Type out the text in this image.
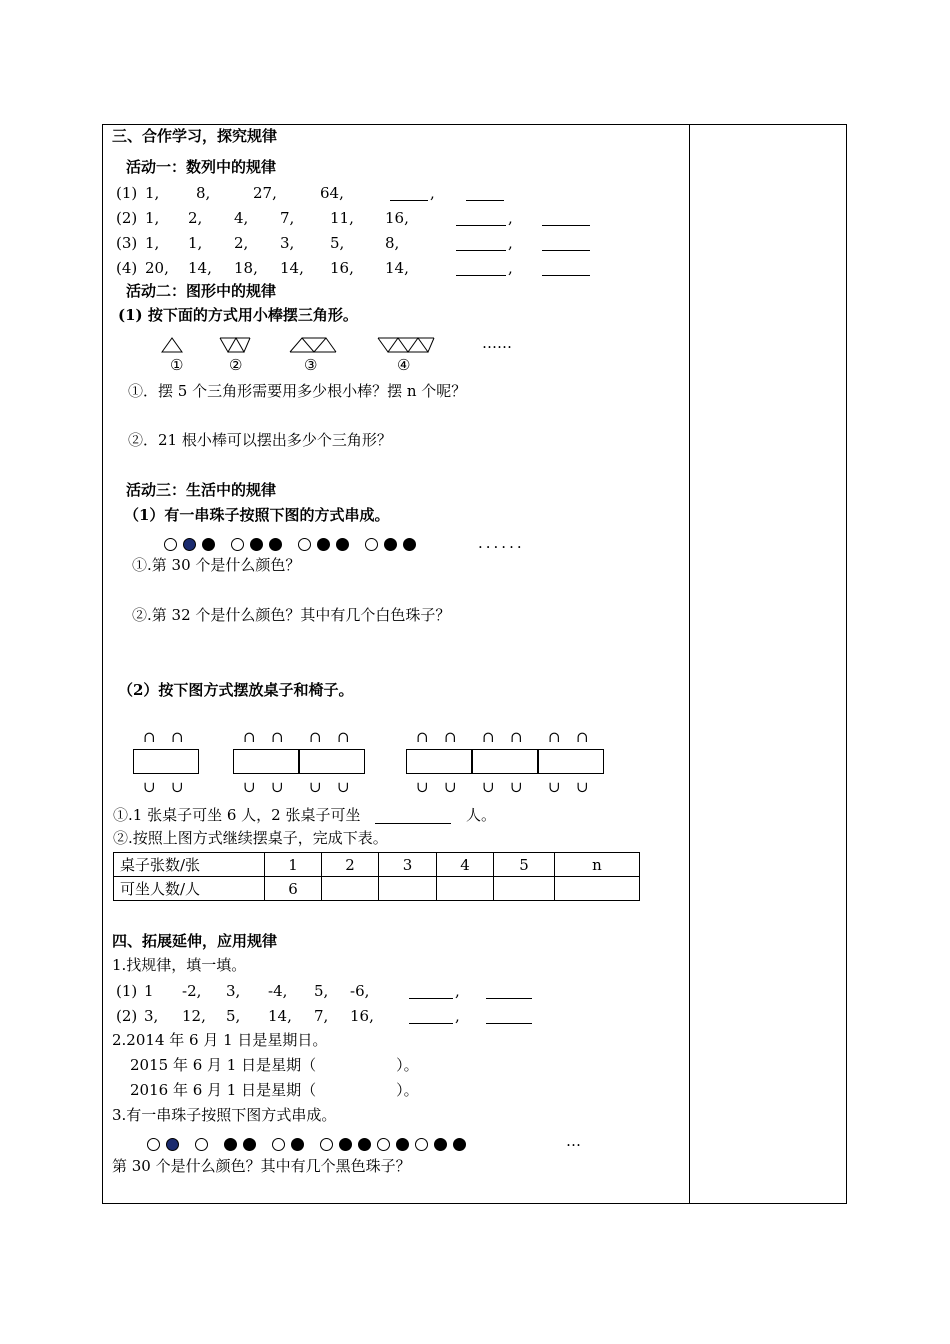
三、合作学习，探究规律
活动一：数列中的规律
(1) 1, 8,	27,	64,	,
(2) 1, 2, 4, 7, 11, 16,	,
(3) 1, 1, 2, 3, 5,	8,	,
(4) 20, 14, 18, 14, 16, 14,	,
活动二：图形中的规律
(1) 按下面的方式用小棒摆三角形。
①	②	③	④
……
①．摆 5 个三角形需要用多少根小棒？摆 n 个呢？
②．21 根小棒可以摆出多少个三角形？
活动三：生活中的规律
（1）有一串珠子按照下图的方式串成。
......
①.第 30 个是什么颜色？
②.第 32 个是什么颜色？其中有几个白色珠子？
（2）按下图方式摆放桌子和椅子。
∩
∪
∩
∪
∩
∪
∩
∪
∩
∪
∩
∪
∩
∪
∩
∪
∩
∪
∩
∪
∩
∪
∩
∪
①.1 张桌子可坐 6 人，2 张桌子可坐	人。
②.按照上图方式继续摆桌子，完成下表。
桌子张数/张	1	2	3	4	5	n
可坐人数/人	6					
四、拓展延伸，应用规律
1.找规律，填一填。
(1) 1 -2, 3, -4, 5, -6,	,
(2) 3, 12, 5, 14, 7, 16,	,
2.2014 年 6 月 1 日是星期日。
2015 年 6 月 1 日是星期（	）。
2016 年 6 月 1 日是星期（	）。
3.有一串珠子按照下图方式串成。
…
第 30 个是什么颜色？其中有几个黑色珠子？
